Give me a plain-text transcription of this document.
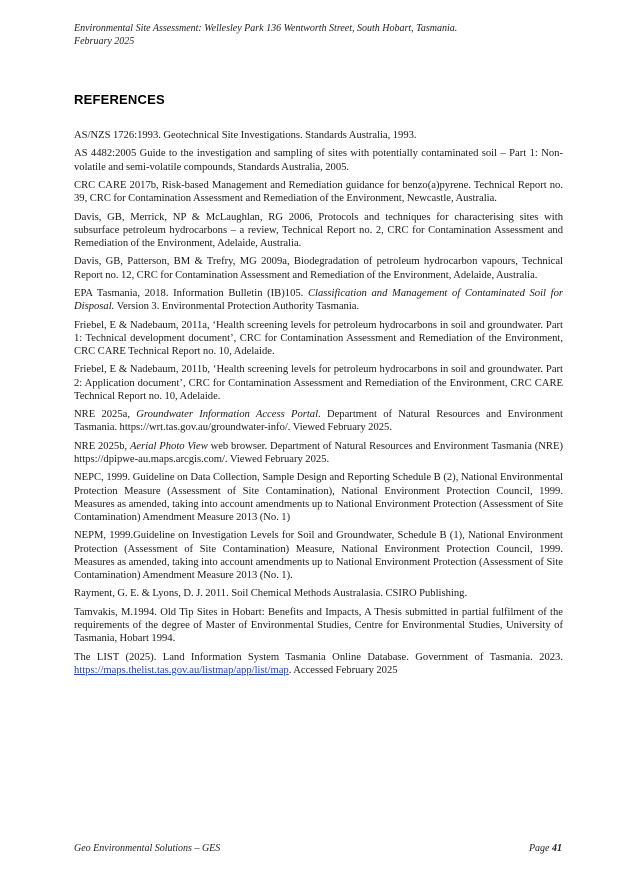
Environmental Site Assessment: Wellesley Park 136 Wentworth Street, South Hobart, Tasmania.
February 2025
REFERENCES

AS/NZS 1726:1993. Geotechnical Site Investigations. Standards Australia, 1993.

AS 4482:2005 Guide to the investigation and sampling of sites with potentially contaminated soil – Part 1: Non-volatile and semi-volatile compounds, Standards Australia, 2005.

CRC CARE 2017b, Risk-based Management and Remediation guidance for benzo(a)pyrene. Technical Report no. 39, CRC for Contamination Assessment and Remediation of the Environment, Newcastle, Australia.

Davis, GB, Merrick, NP & McLaughlan, RG 2006, Protocols and techniques for characterising sites with subsurface petroleum hydrocarbons – a review, Technical Report no. 2, CRC for Contamination Assessment and Remediation of the Environment, Adelaide, Australia.

Davis, GB, Patterson, BM & Trefry, MG 2009a, Biodegradation of petroleum hydrocarbon vapours, Technical Report no. 12, CRC for Contamination Assessment and Remediation of the Environment, Adelaide, Australia.

EPA Tasmania, 2018. Information Bulletin (IB)105. Classification and Management of Contaminated Soil for Disposal. Version 3. Environmental Protection Authority Tasmania.

Friebel, E & Nadebaum, 2011a, ‘Health screening levels for petroleum hydrocarbons in soil and groundwater. Part 1: Technical development document’, CRC for Contamination Assessment and Remediation of the Environment, CRC CARE Technical Report no. 10, Adelaide.

Friebel, E & Nadebaum, 2011b, ‘Health screening levels for petroleum hydrocarbons in soil and groundwater. Part 2: Application document’, CRC for Contamination Assessment and Remediation of the Environment, CRC CARE Technical Report no. 10, Adelaide.

NRE 2025a, Groundwater Information Access Portal. Department of Natural Resources and Environment Tasmania. https://wrt.tas.gov.au/groundwater-info/. Viewed February 2025.

NRE 2025b, Aerial Photo View web browser. Department of Natural Resources and Environment Tasmania (NRE) https://dpipwe-au.maps.arcgis.com/. Viewed February 2025.

NEPC, 1999. Guideline on Data Collection, Sample Design and Reporting Schedule B (2), National Environmental Protection Measure (Assessment of Site Contamination), National Environment Protection Council, 1999. Measures as amended, taking into account amendments up to National Environment Protection (Assessment of Site Contamination) Amendment Measure 2013 (No. 1)

NEPM, 1999.Guideline on Investigation Levels for Soil and Groundwater, Schedule B (1), National Environment Protection (Assessment of Site Contamination) Measure, National Environment Protection Council, 1999. Measures as amended, taking into account amendments up to National Environment Protection (Assessment of Site Contamination) Amendment Measure 2013 (No. 1).

Rayment, G. E. & Lyons, D. J. 2011. Soil Chemical Methods Australasia. CSIRO Publishing.

Tamvakis, M.1994. Old Tip Sites in Hobart: Benefits and Impacts, A Thesis submitted in partial fulfilment of the requirements of the degree of Master of Environmental Studies, Centre for Environmental Studies, University of Tasmania, Hobart 1994.

The LIST (2025). Land Information System Tasmania Online Database. Government of Tasmania. 2023. https://maps.thelist.tas.gov.au/listmap/app/list/map. Accessed February 2025

Geo Environmental Solutions – GES	Page 41
